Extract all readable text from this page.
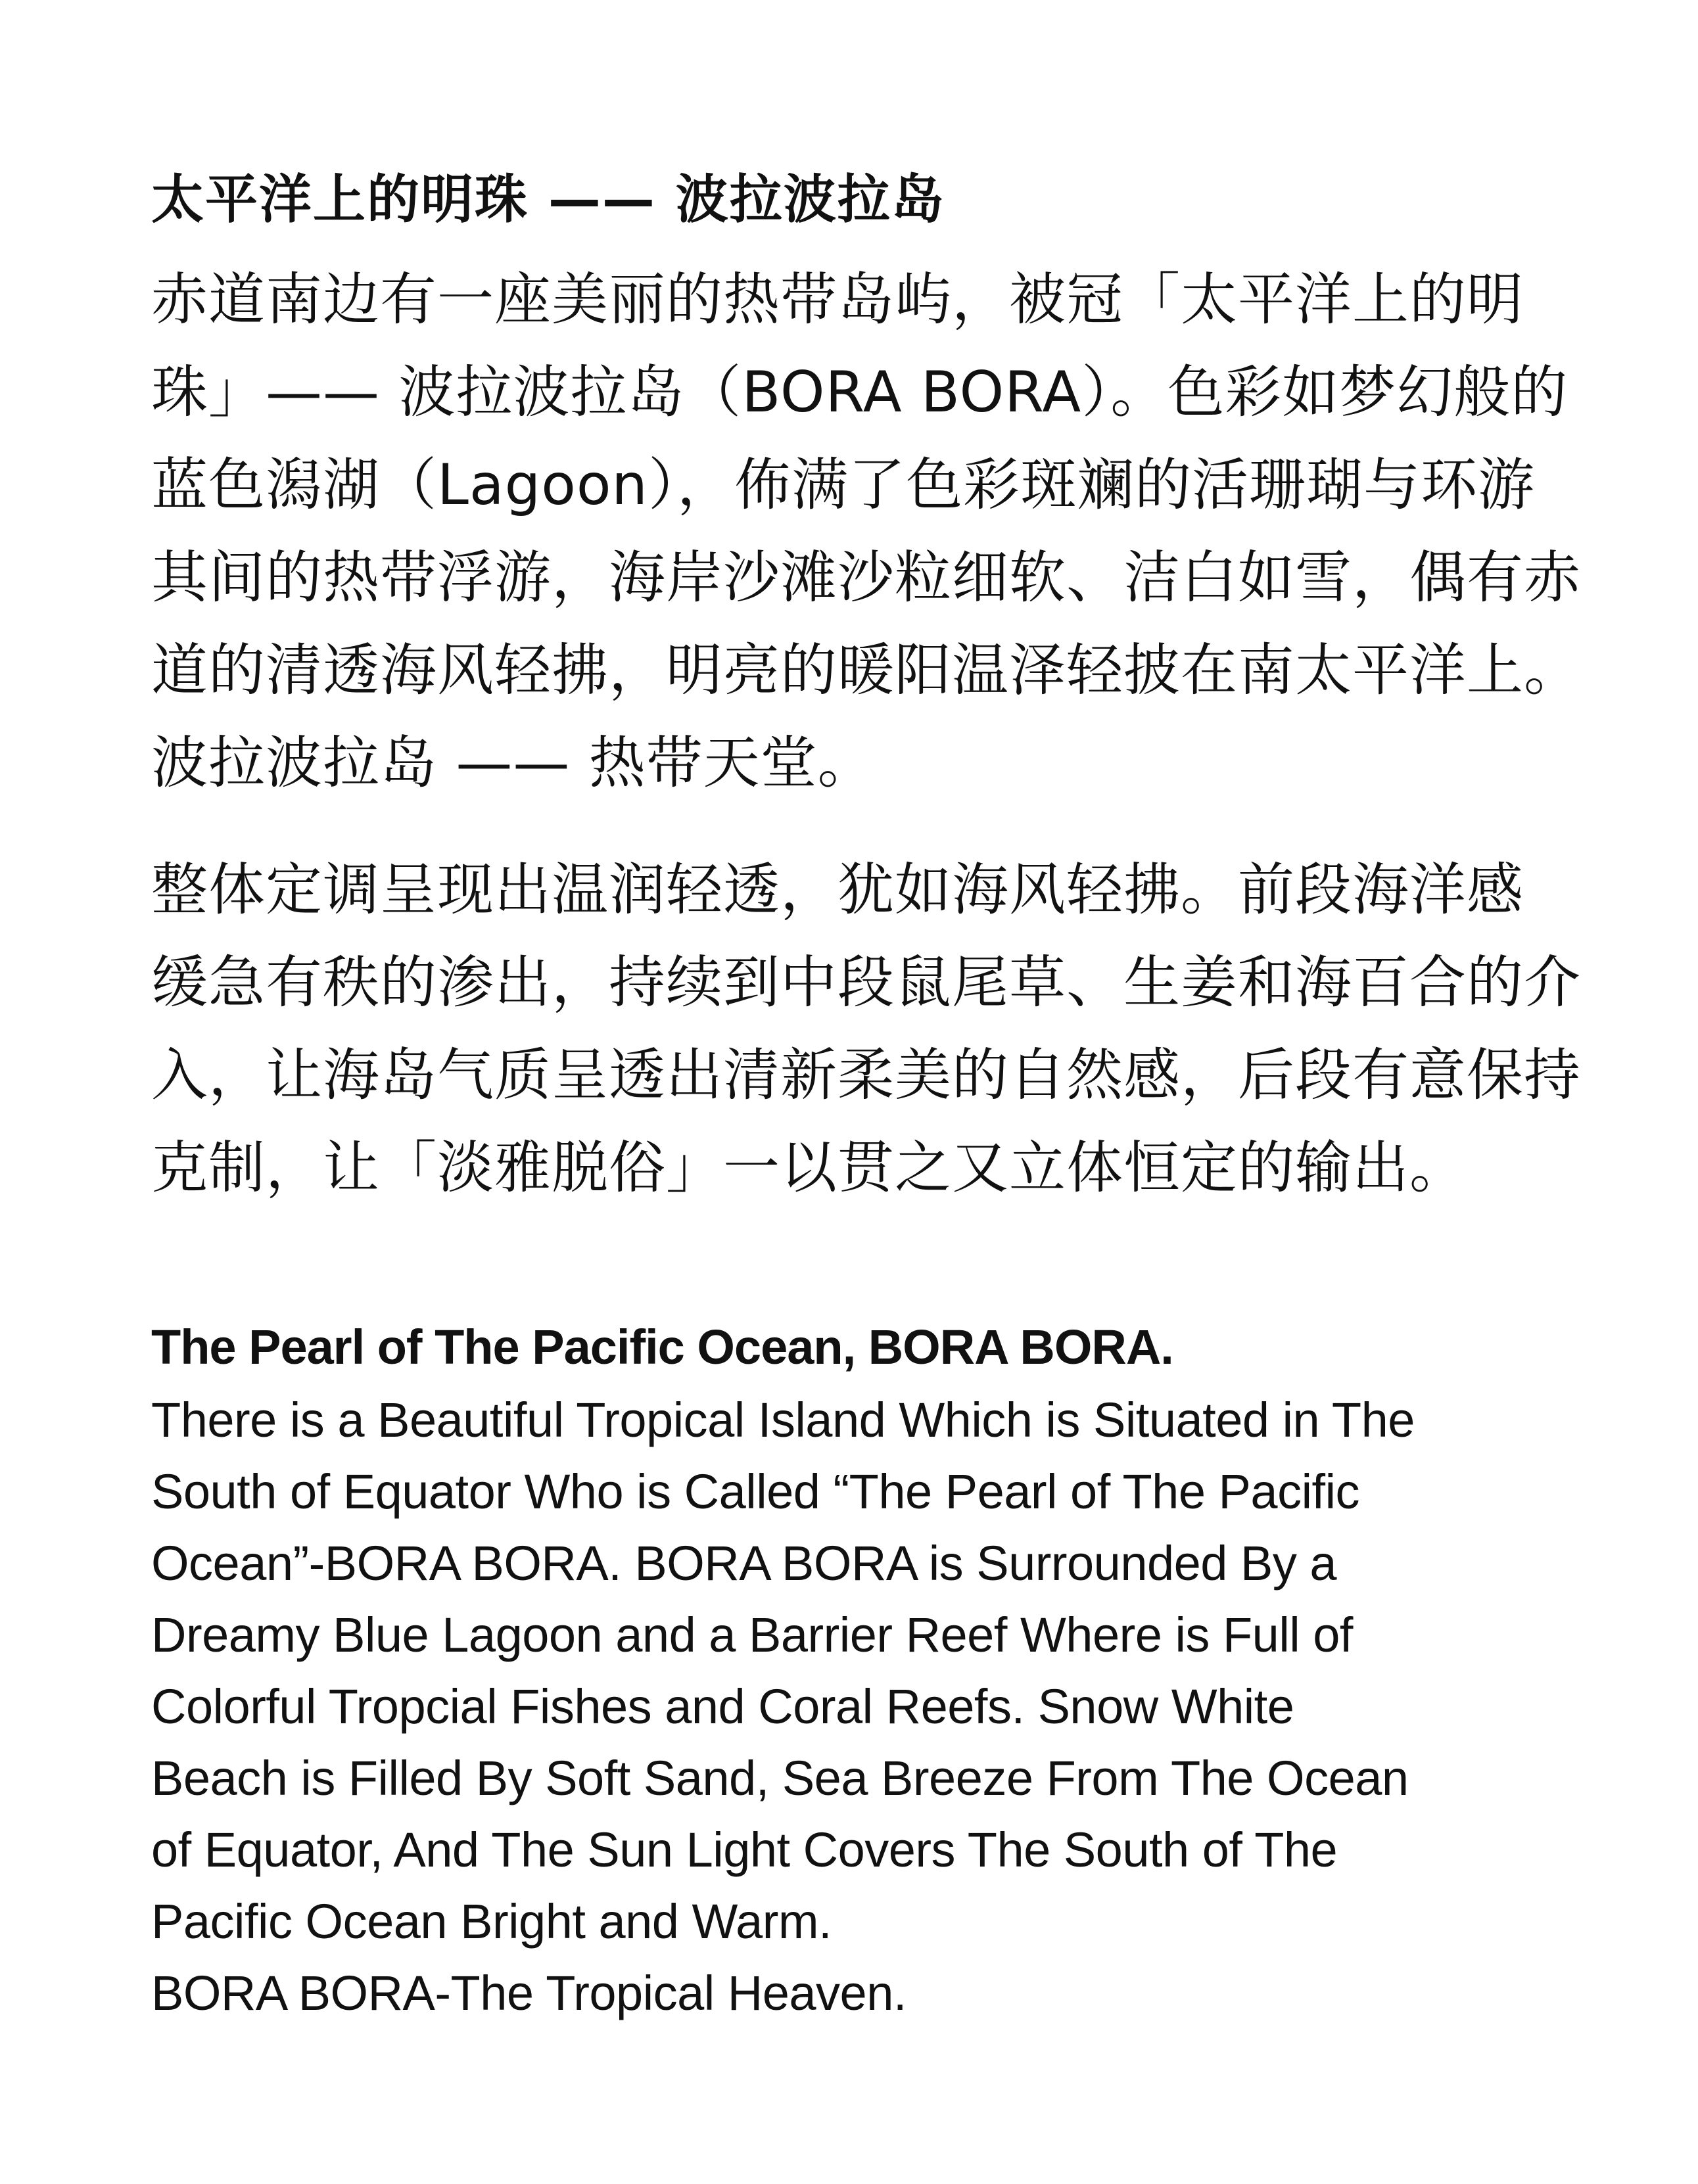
太平洋上的明珠 —— 波拉波拉岛
赤道南边有一座美丽的热带岛屿，被冠「太平洋上的明
珠」—— 波拉波拉岛（BORA BORA）。色彩如梦幻般的
蓝色潟湖（Lagoon），佈满了色彩斑斓的活珊瑚与环游
其间的热带浮游，海岸沙滩沙粒细软、洁白如雪，偶有赤
道的清透海风轻拂，明亮的暖阳温泽轻披在南太平洋上。
波拉波拉岛 —— 热带天堂。
整体定调呈现出温润轻透，犹如海风轻拂。前段海洋感
缓急有秩的渗出，持续到中段鼠尾草、生姜和海百合的介
入，让海岛气质呈透出清新柔美的自然感，后段有意保持
克制，让「淡雅脱俗」一以贯之又立体恒定的输出。
The Pearl of The Pacific Ocean, BORA BORA.
There is a Beautiful Tropical Island Which is Situated in The
South of Equator Who is Called “The Pearl of The Pacific
Ocean”-BORA BORA. BORA BORA is Surrounded By a
Dreamy Blue Lagoon and a Barrier Reef Where is Full of
Colorful Tropcial Fishes and Coral Reefs. Snow White
Beach is Filled By Soft Sand, Sea Breeze From The Ocean
of Equator, And The Sun Light Covers The South of The
Pacific Ocean Bright and Warm.
BORA BORA-The Tropical Heaven.
